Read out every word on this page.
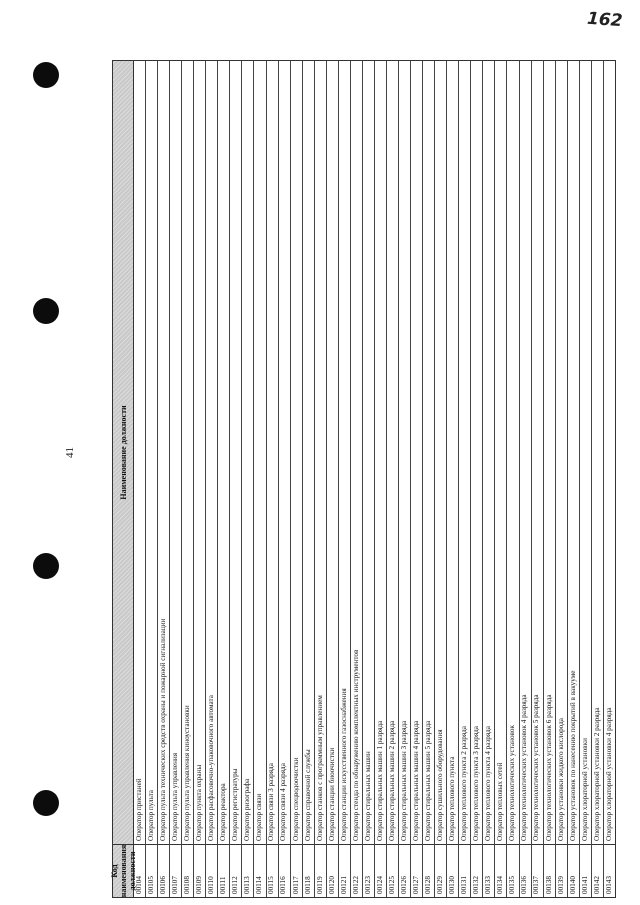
162
41
Код наименования должности
Наименование должности
00104
Оператор пристаней
00105
Оператор пульта
00106
Оператор пульта технических средств охраны и пожарной сигнализации
00107
Оператор пульта управления
00108
Оператор пульта управления киноустановки
00109
Оператор пункта охраны
00110
Оператор расфасовочно-упаковочного автомата
00111
Оператор реактора
00112
Оператор регистратуры
00113
Оператор ризографа
00114
Оператор связи
00115
Оператор связи 3 разряда
00116
Оператор связи 4 разряда
00117
Оператор спецводоочистки
00118
Оператор справочной службы
00119
Оператор станков с программным управлением
00120
Оператор станции биоочистки
00121
Оператор станции искусственного газоснабжения
00122
Оператор стенда по обнаружению комплектных инструментов
00123
Оператор стиральных машин
00124
Оператор стиральных машин 1 разряда
00125
Оператор стиральных машин 2 разряда
00126
Оператор стиральных машин 3 разряда
00127
Оператор стиральных машин 4 разряда
00128
Оператор стиральных машин 5 разряда
00129
Оператор сушильного оборудования
00130
Оператор теплового пункта
00131
Оператор теплового пункта 2 разряда
00132
Оператор теплового пункта 3 разряда
00133
Оператор теплового пункта 4 разряда
00134
Оператор тепловых сетей
00135
Оператор технологических установок
00136
Оператор технологических установок 4 разряда
00137
Оператор технологических установок 5 разряда
00138
Оператор технологических установок 6 разряда
00139
Оператор установки жидкого кислорода
00140
Оператор установок по нанесению покрытий в вакууме
00141
Оператор хлораторной установки
00142
Оператор хлораторной установки 2 разряда
00143
Оператор хлораторной установки 4 разряда
